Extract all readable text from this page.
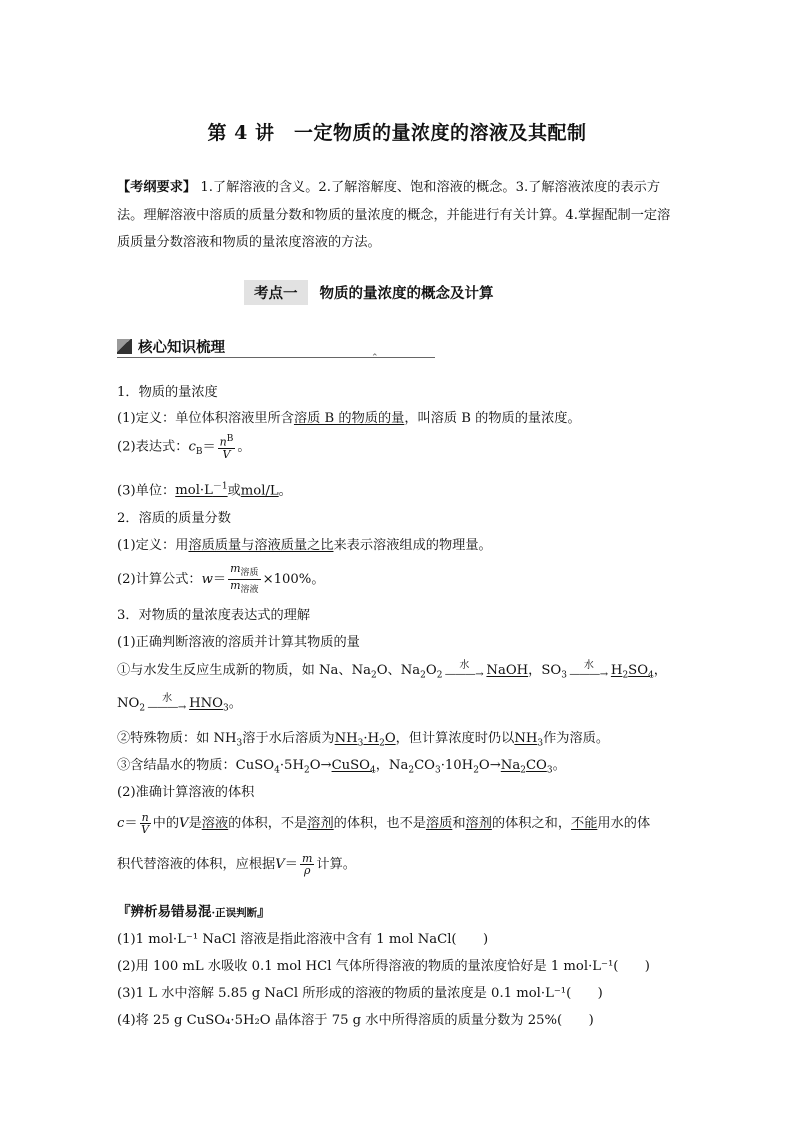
第 4 讲　一定物质的量浓度的溶液及其配制
【考纲要求】 1.了解溶液的含义。2.了解溶解度、饱和溶液的概念。3.了解溶液浓度的表示方法。理解溶液中溶质的质量分数和物质的量浓度的概念，并能进行有关计算。4.掌握配制一定溶质质量分数溶液和物质的量浓度溶液的方法。
考点一	物质的量浓度的概念及计算
核心知识梳理
⌃
1．物质的量浓度
(1)定义：单位体积溶液里所含溶质 B 的物质的量，叫溶质 B 的物质的量浓度。
(2)表达式：$c_B= \frac{n^B}{V}$ 。
(3)单位：$mol\cdot L^{-1}$或mol/L。
2．溶质的质量分数
(1)定义：用溶质质量与溶液质量之比来表示溶液组成的物理量。
(2)计算公式：$w= \frac{m_{溶质}}{m_{溶液}} \times 100\%$。
3．对物质的量浓度表达式的理解
(1)正确判断溶液的溶质并计算其物质的量
①与水发生反应生成新的物质，如 Na、$Na_2O$、$Na_2O_2$
水
―――→ NaOH，$SO_3$
水
―――→ $H_2SO_4$，
$NO_2$
水
―――→ $HNO_3$。
②特殊物质：如 $NH_3$溶于水后溶质为$NH_3\cdot H_2O$，但计算浓度时仍以$NH_3$作为溶质。
③含结晶水的物质：$CuSO_4\cdot 5H_2O\to CuSO_4$，$Na_2CO_3\cdot 10H_2O\to Na_2CO_3$。
(2)准确计算溶液的体积
$c= \frac{n}{V}$ 中的V是溶液的体积，不是溶剂的体积，也不是溶质和溶剂的体积之和，不能用水的体
积代替溶液的体积，应根据$V= \frac{m}{\rho}$ 计算。
『辨析易错易混·正误判断』
(1)1 mol·L⁻¹ NaCl 溶液是指此溶液中含有 1 mol NaCl(　　)
(2)用 100 mL 水吸收 0.1 mol HCl 气体所得溶液的物质的量浓度恰好是 1 mol·L⁻¹(　　)
(3)1 L 水中溶解 5.85 g NaCl 所形成的溶液的物质的量浓度是 0.1 mol·L⁻¹(　　)
(4)将 25 g CuSO₄·5H₂O 晶体溶于 75 g 水中所得溶质的质量分数为 25%(　　)
